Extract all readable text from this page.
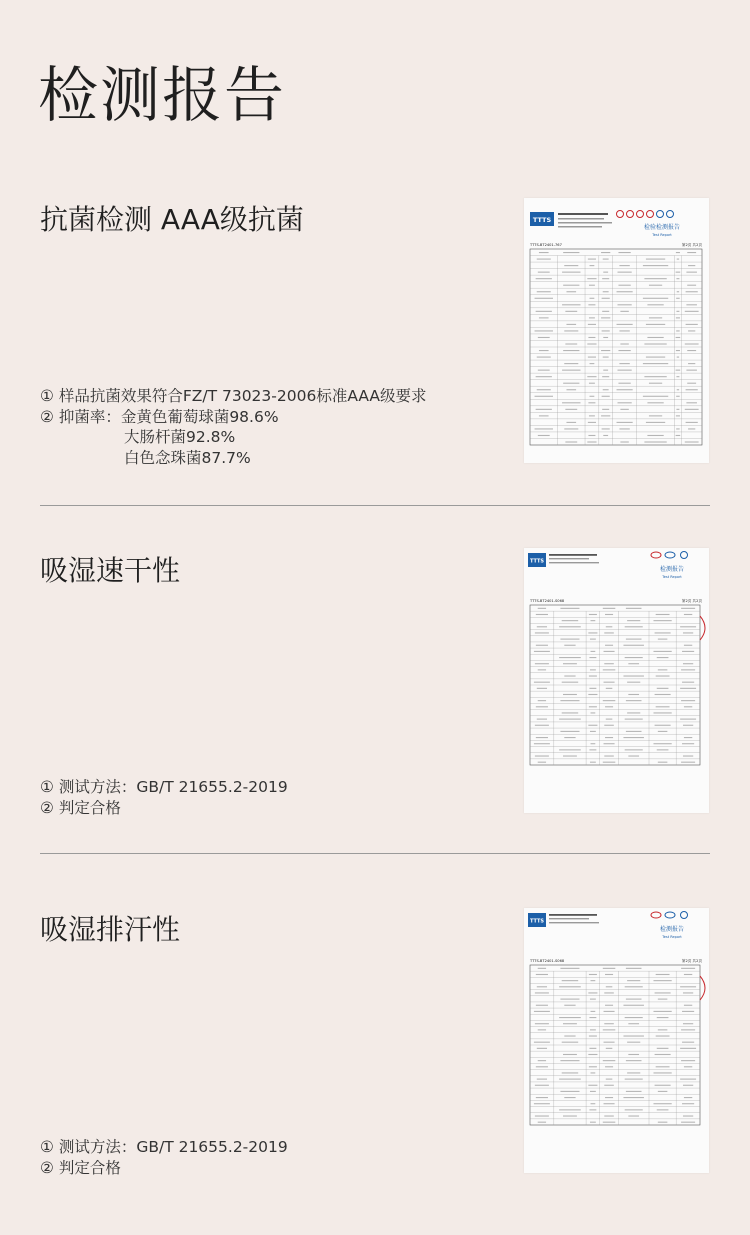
检测报告
抗菌检测 AAA级抗菌
① 样品抗菌效果符合FZ/T 73023-2006标准AAA级要求
② 抑菌率：金黄色葡萄球菌98.6%
大肠杆菌92.8%
白色念珠菌87.7%
TTTS
检验检测报告
Test Report
TTTS-BT2401-767	第2页 共2页
吸湿速干性
① 测试方法：GB/T 21655.2-2019
② 判定合格
TTTS
检测报告
Test Report
TTTS-BT2401-S068	第2页 共2页
吸湿排汗性
① 测试方法：GB/T 21655.2-2019
② 判定合格
TTTS
检测报告
Test Report
TTTS-BT2401-S068	第2页 共2页
